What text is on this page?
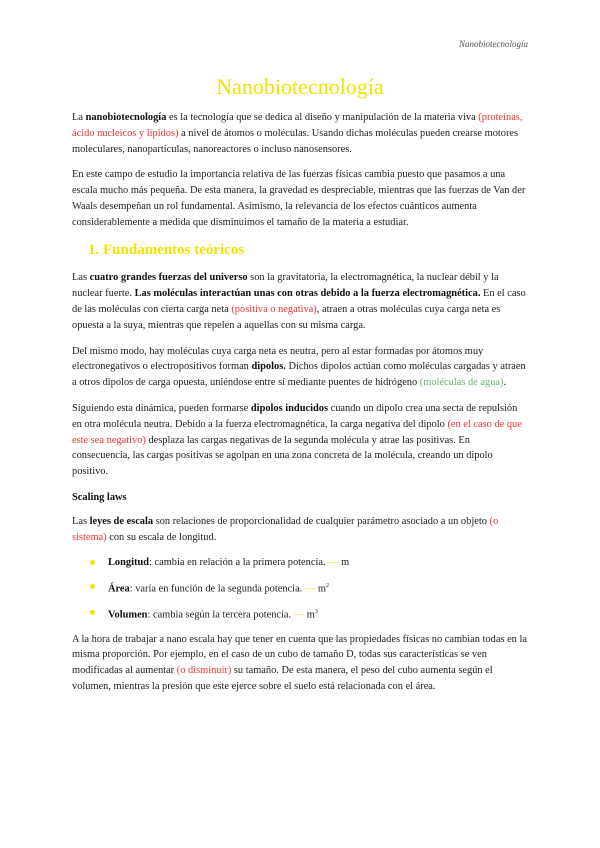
Nanobiotecnología
Nanobiotecnología

La nanobiotecnología es la tecnología que se dedica al diseño y manipulación de la materia viva (proteínas, ácido nucleicos y lípidos) a nivel de átomos o moléculas. Usando dichas moléculas pueden crearse motores moleculares, nanoparticulas, nanoreactores o incluso nanosensores.

En este campo de estudio la importancia relativa de las fuerzas físicas cambia puesto que pasamos a una escala mucho más pequeña. De esta manera, la gravedad es despreciable, mientras que las fuerzas de Van der Waals desempeñan un rol fundamental. Asimismo, la relevancia de los efectos cuánticos aumenta considerablemente a medida que disminuimos el tamaño de la materia a estudiar.

1. Fundamentos teóricos

Las cuatro grandes fuerzas del universo son la gravitatoria, la electromagnética, la nuclear débil y la nuclear fuerte. Las moléculas interactúan unas con otras debido a la fuerza electromagnética. En el caso de las moléculas con cierta carga neta (positiva o negativa), atraen a otras moléculas cuya carga neta es opuesta a la suya, mientras que repelen a aquellas con su misma carga.

Del mismo modo, hay moléculas cuya carga neta es neutra, pero al estar formadas por átomos muy electronegativos o electropositivos forman dipolos. Dichos dipolos actúan como moléculas cargadas y atraen a otros dipolos de carga opuesta, uniéndose entre sí mediante puentes de hidrógeno (moléculas de agua).

Siguiendo esta dinámica, pueden formarse dipolos inducidos cuando un dipolo crea una secta de repulsión en otra molécula neutra. Debido a la fuerza electromagnética, la carga negativa del dipolo (en el caso de que este sea negativo) desplaza las cargas negativas de la segunda molécula y atrae las positivas. En consecuencia, las cargas positivas se agolpan en una zona concreta de la molécula, creando un dipolo positivo.

Scaling laws

Las leyes de escala son relaciones de proporcionalidad de cualquier parámetro asociado a un objeto (o sistema) con su escala de longitud.

Longitud: cambia en relación a la primera potencia. — m
Área: varía en función de la segunda potencia. — $m^2$
Volumen: cambia según la tercera potencia. — $m^3$

A la hora de trabajar a nano escala hay que tener en cuenta que las propiedades físicas no cambian todas en la misma proporción. Por ejemplo, en el caso de un cubo de tamaño D, todas sus características se ven modificadas al aumentar (o disminuir) su tamaño. De esta manera, el peso del cubo aumenta según el volumen, mientras la presión que este ejerce sobre el suelo está relacionada con el área.
